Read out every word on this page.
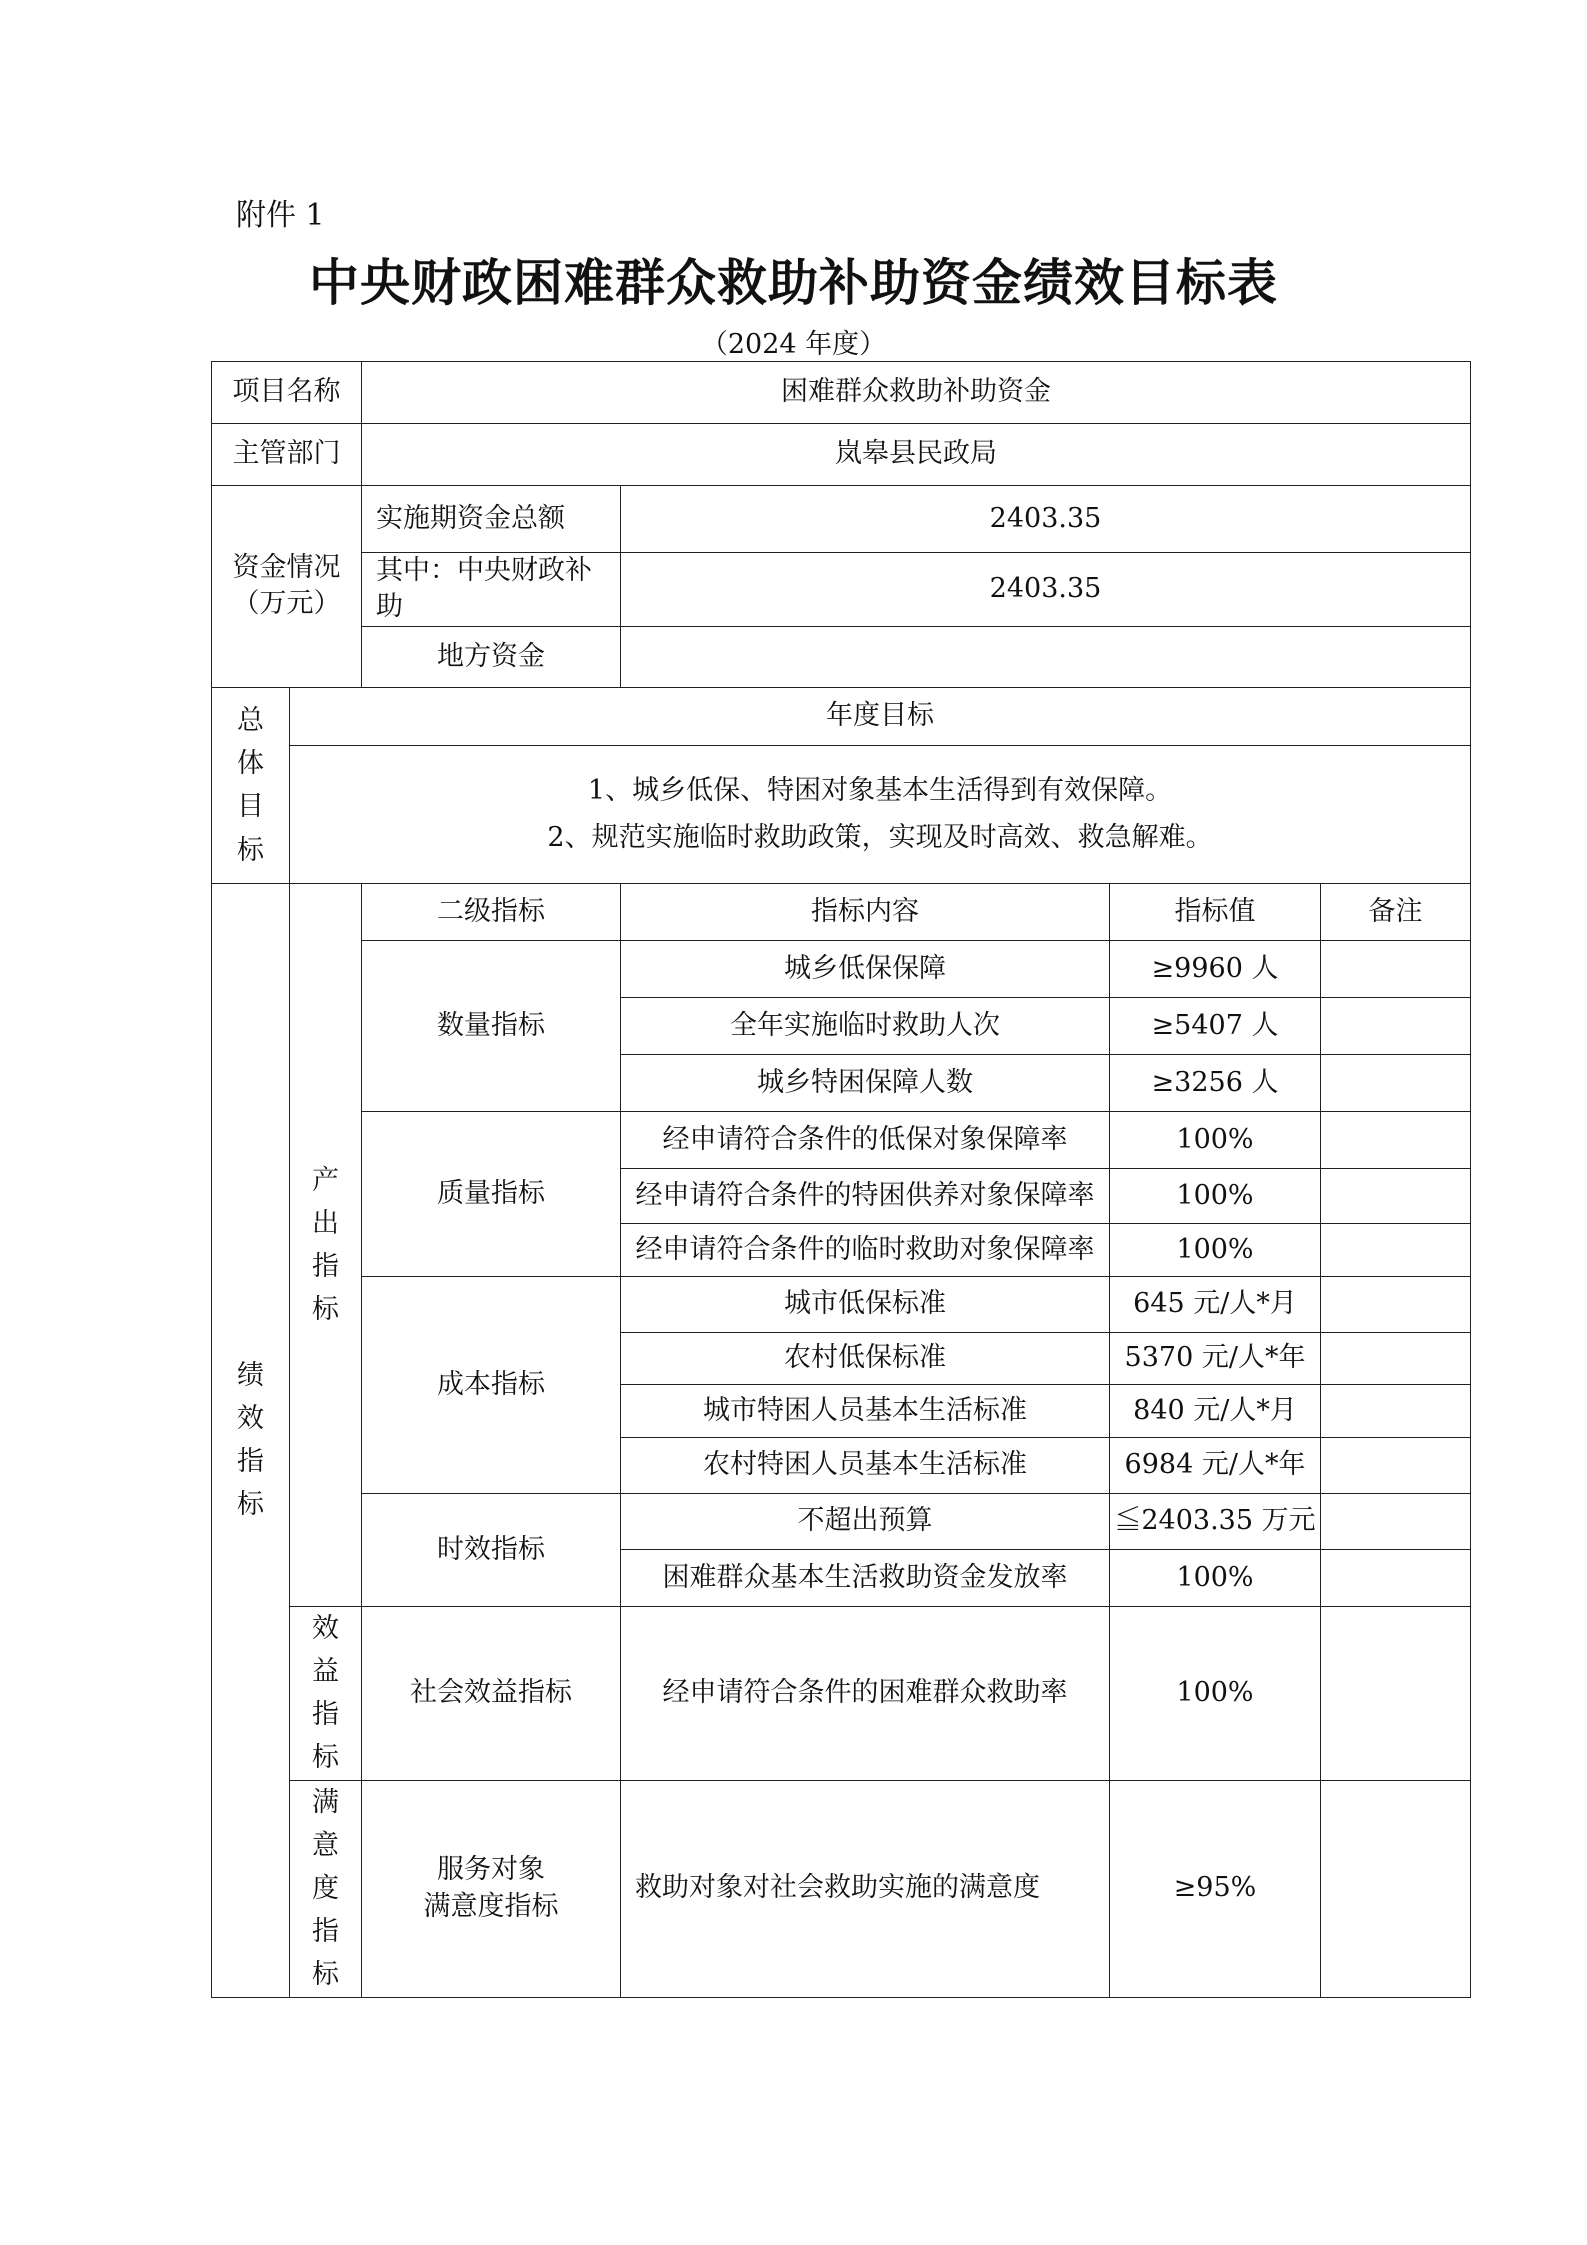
附件 1
中央财政困难群众救助补助资金绩效目标表
（2024 年度）
项目名称		困难群众救助补助资金			
主管部门		岚皋县民政局			

资金情况
（万元）		实施期资金总额	2403.35		
		其中：中央财政补助	2403.35		
		地方资金			

总
体
目
标	年度目标				

	1、城乡低保、特困对象基本生活得到有效保障。
2、规范实施临时救助政策，实现及时高效、救急解难。				

绩
效
指
标	产
出
指
标	二级指标	指标内容	指标值	备注
		数量指标	城乡低保保障	≥9960 人	
			全年实施临时救助人次	≥5407 人	
			城乡特困保障人数	≥3256 人	
		质量指标	经申请符合条件的低保对象保障率	100%	
			经申请符合条件的特困供养对象保障率	100%	
			经申请符合条件的临时救助对象保障率	100%	
		成本指标	城市低保标准	645 元/人*月	
			农村低保标准	5370 元/人*年	
			城市特困人员基本生活标准	840 元/人*月	
			农村特困人员基本生活标准	6984 元/人*年	
		时效指标	不超出预算	≦2403.35 万元	
			困难群众基本生活救助资金发放率	100%	

	效
益
指
标	社会效益指标	经申请符合条件的困难群众救助率	100%	

	满
意
度
指
标	服务对象
满意度指标	救助对象对社会救助实施的满意度	≥95%	
